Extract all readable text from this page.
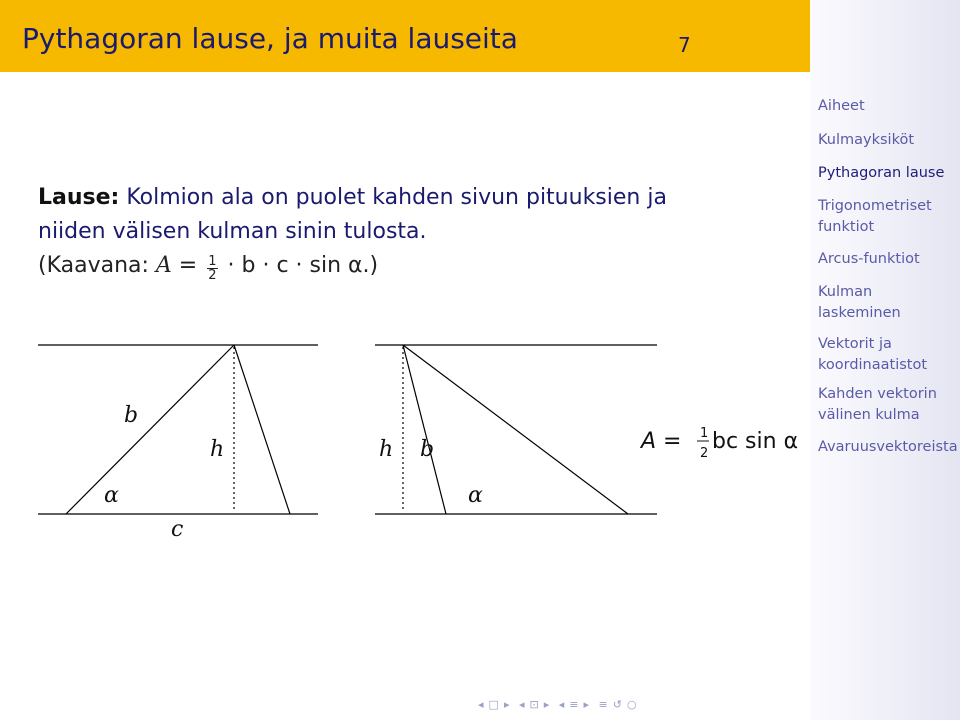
Pythagoran lause, ja muita lauseita	7
Aiheet
Kulmayksiköt
Pythagoran lause
Trigonometriset funktiot
Arcus-funktiot
Kulman laskeminen
Vektorit ja koordinaatistot
Kahden vektorin välinen kulma
Avaruusvektoreista
Lause: Kolmion ala on puolet kahden sivun pituuksien ja
niiden välisen kulman sinin tulosta.
(Kaavana: $A = \frac{1}{2} \cdot b \cdot c \cdot \sin \alpha$.)
b
h
α
c
h b
α
A = 1
2 bc sin α
◂ □ ▸ ◂ ⊡ ▸ ◂ ≡ ▸ ≡ ↺ ○
